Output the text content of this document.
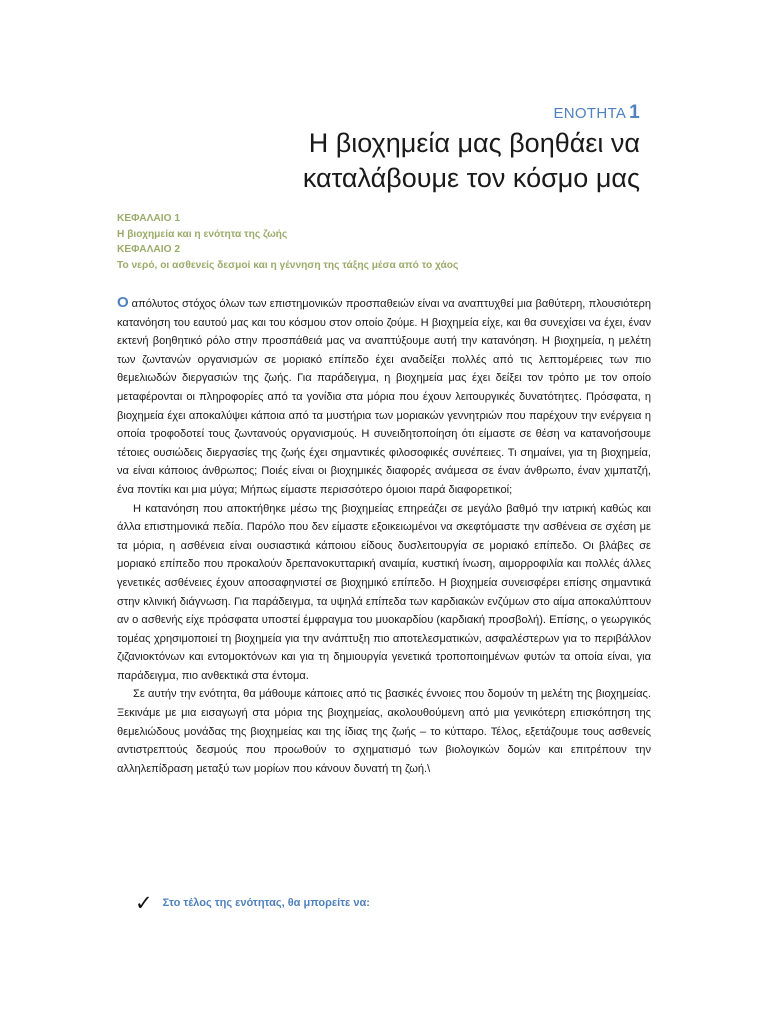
ΕΝΟΤΗΤΑ 1
Η βιοχημεία μας βοηθάει να καταλάβουμε τον κόσμο μας
ΚΕΦΑΛΑΙΟ 1
Η βιοχημεία και η ενότητα της ζωής
ΚΕΦΑΛΑΙΟ 2
Το νερό, οι ασθενείς δεσμοί και η γέννηση της τάξης μέσα από το χάος

Ο απόλυτος στόχος όλων των επιστημονικών προσπαθειών είναι να αναπτυχθεί μια βαθύτερη, πλουσιότερη κατανόηση του εαυτού μας και του κόσμου στον οποίο ζούμε. Η βιοχημεία είχε, και θα συνεχίσει να έχει, έναν εκτενή βοηθητικό ρόλο στην προσπάθειά μας να αναπτύξουμε αυτή την κατανόηση. Η βιοχημεία, η μελέτη των ζωντανών οργανισμών σε μοριακό επίπεδο έχει αναδείξει πολλές από τις λεπτομέρειες των πιο θεμελιωδών διεργασιών της ζωής. Για παράδειγμα, η βιοχημεία μας έχει δείξει τον τρόπο με τον οποίο μεταφέρονται οι πληροφορίες από τα γονίδια στα μόρια που έχουν λειτουργικές δυνατότητες. Πρόσφατα, η βιοχημεία έχει αποκαλύψει κάποια από τα μυστήρια των μοριακών γεννητριών που παρέχουν την ενέργεια η οποία τροφοδοτεί τους ζωντανούς οργανισμούς. Η συνειδητοποίηση ότι είμαστε σε θέση να κατανοήσουμε τέτοιες ουσιώδεις διεργασίες της ζωής έχει σημαντικές φιλοσοφικές συνέπειες. Τι σημαίνει, για τη βιοχημεία, να είναι κάποιος άνθρωπος; Ποιές είναι οι βιοχημικές διαφορές ανάμεσα σε έναν άνθρωπο, έναν χιμπατζή, ένα ποντίκι και μια μύγα; Μήπως είμαστε περισσότερο όμοιοι παρά διαφορετικοί;

Η κατανόηση που αποκτήθηκε μέσω της βιοχημείας επηρεάζει σε μεγάλο βαθμό την ιατρική καθώς και άλλα επιστημονικά πεδία. Παρόλο που δεν είμαστε εξοικειωμένοι να σκεφτόμαστε την ασθένεια σε σχέση με τα μόρια, η ασθένεια είναι ουσιαστικά κάποιου είδους δυσλειτουργία σε μοριακό επίπεδο. Οι βλάβες σε μοριακό επίπεδο που προκαλούν δρεπανοκυτταρική αναιμία, κυστική ίνωση, αιμορροφιλία και πολλές άλλες γενετικές ασθένειες έχουν αποσαφηνιστεί σε βιοχημικό επίπεδο. Η βιοχημεία συνεισφέρει επίσης σημαντικά στην κλινική διάγνωση. Για παράδειγμα, τα υψηλά επίπεδα των καρδιακών ενζύμων στο αίμα αποκαλύπτουν αν ο ασθενής είχε πρόσφατα υποστεί έμφραγμα του μυοκαρδίου (καρδιακή προσβολή). Επίσης, ο γεωργικός τομέας χρησιμοποιεί τη βιοχημεία για την ανάπτυξη πιο αποτελεσματικών, ασφαλέστερων για το περιβάλλον ζιζανιοκτόνων και εντομοκτόνων και για τη δημιουργία γενετικά τροποποιημένων φυτών τα οποία είναι, για παράδειγμα, πιο ανθεκτικά στα έντομα.

Σε αυτήν την ενότητα, θα μάθουμε κάποιες από τις βασικές έννοιες που δομούν τη μελέτη της βιοχημείας. Ξεκινάμε με μια εισαγωγή στα μόρια της βιοχημείας, ακολουθούμενη από μια γενικότερη επισκόπηση της θεμελιώδους μονάδας της βιοχημείας και της ίδιας της ζωής – το κύτταρο. Τέλος, εξετάζουμε τους ασθενείς αντιστρεπτούς δεσμούς που προωθούν το σχηματισμό των βιολογικών δομών και επιτρέπουν την αλληλεπίδραση μεταξύ των μορίων που κάνουν δυνατή τη ζωή.\

✓ Στο τέλος της ενότητας, θα μπορείτε να:
